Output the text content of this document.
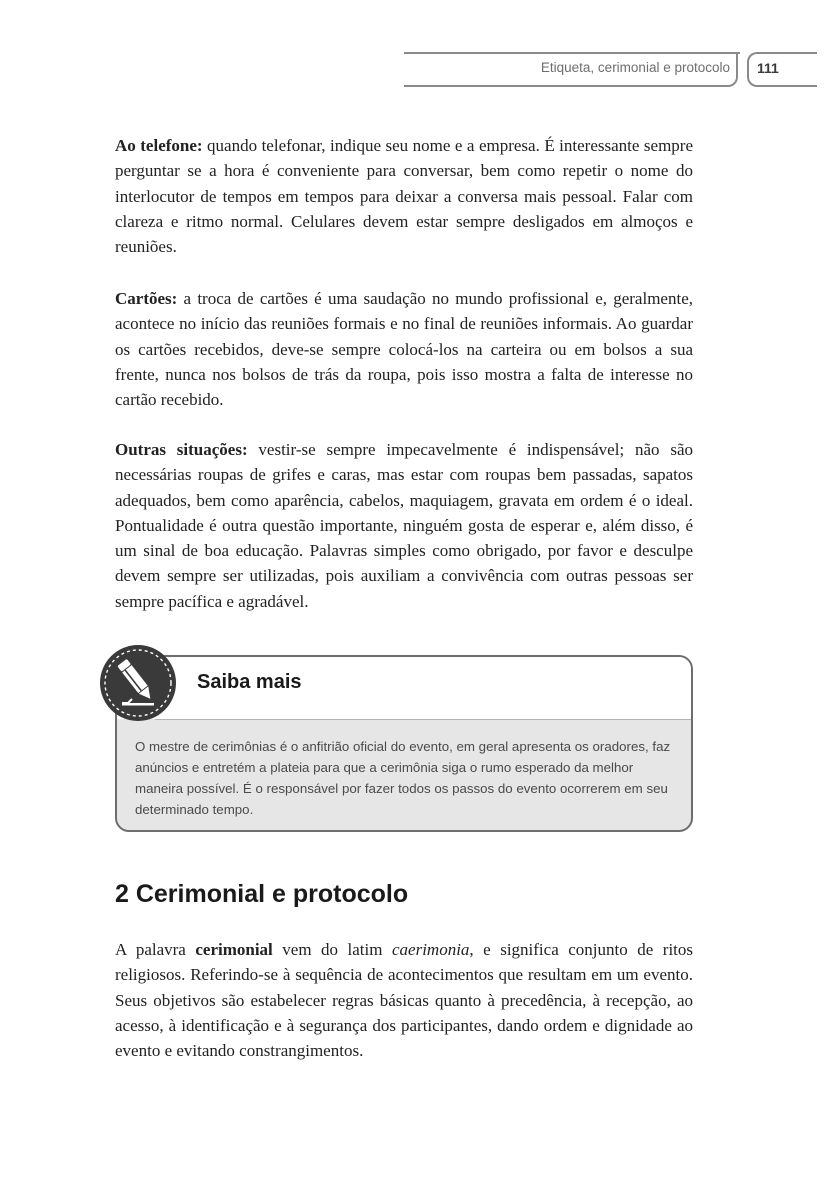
Etiqueta, cerimonial e protocolo 111

Ao telefone: quando telefonar, indique seu nome e a empresa. É interessante sempre perguntar se a hora é conveniente para conversar, bem como repetir o nome do interlocutor de tempos em tempos para deixar a conversa mais pessoal. Falar com clareza e ritmo normal. Celulares devem estar sempre desligados em almoços e reuniões.

Cartões: a troca de cartões é uma saudação no mundo profissional e, geralmente, acontece no início das reuniões formais e no final de reuniões informais. Ao guardar os cartões recebidos, deve-se sempre colocá-los na carteira ou em bolsos a sua frente, nunca nos bolsos de trás da roupa, pois isso mostra a falta de interesse no cartão recebido.

Outras situações: vestir-se sempre impecavelmente é indispensável; não são necessárias roupas de grifes e caras, mas estar com roupas bem passadas, sapatos adequados, bem como aparência, cabelos, maquiagem, gravata em ordem é o ideal. Pontualidade é outra questão importante, ninguém gosta de esperar e, além disso, é um sinal de boa educação. Palavras simples como obrigado, por favor e desculpe devem sempre ser utilizadas, pois auxiliam a convivência com outras pessoas ser sempre pacífica e agradável.

Saiba mais

O mestre de cerimônias é o anfitrião oficial do evento, em geral apresenta os oradores, faz anúncios e entretém a plateia para que a cerimônia siga o rumo esperado da melhor maneira possível. É o responsável por fazer todos os passos do evento ocorrerem em seu determinado tempo.

2 Cerimonial e protocolo

A palavra cerimonial vem do latim caerimonia, e significa conjunto de ritos religiosos. Referindo-se à sequência de acontecimentos que resultam em um evento. Seus objetivos são estabelecer regras básicas quanto à precedência, à recepção, ao acesso, à identificação e à segurança dos participantes, dando ordem e dignidade ao evento e evitando constrangimentos.
